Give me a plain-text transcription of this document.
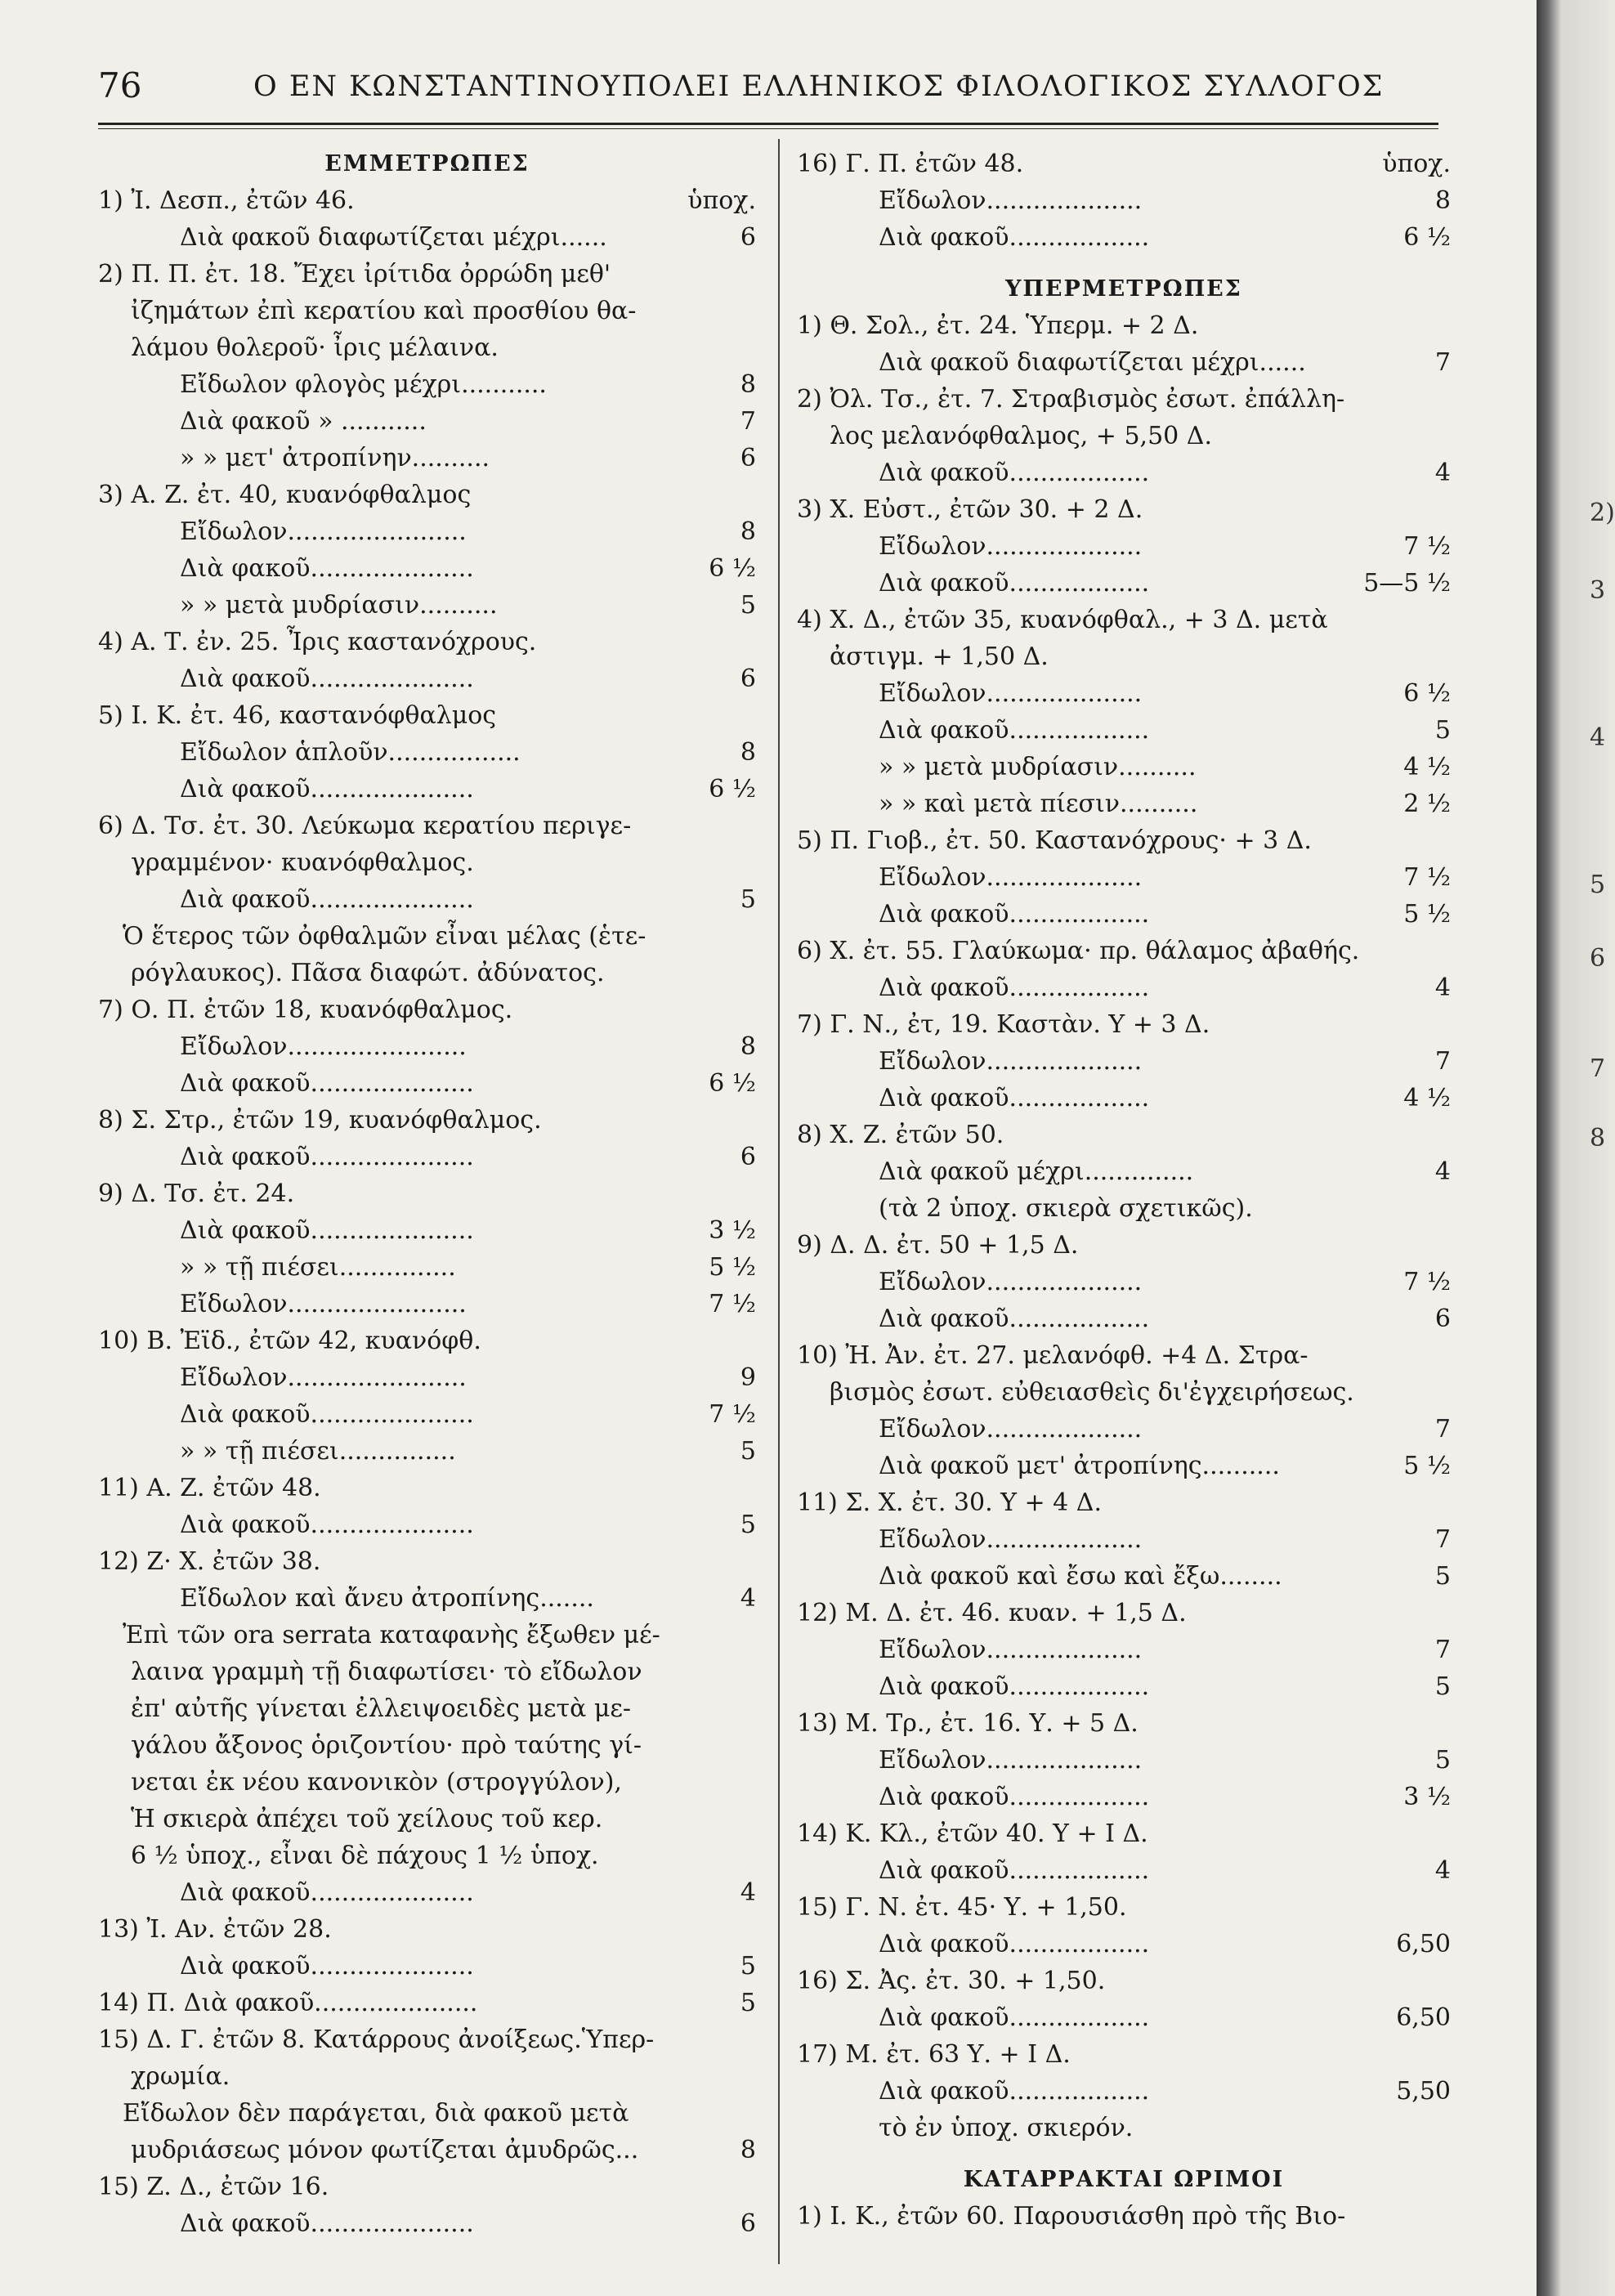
76	Ο ΕΝ ΚΩΝΣΤΑΝΤΙΝΟΥΠΟΛΕΙ ΕΛΛΗΝΙΚΟΣ ΦΙΛΟΛΟΓΙΚΟΣ ΣΥΛΛΟΓΟΣ
ΕΜΜΕΤΡΩΠΕΣ
1) Ἰ. Δεσπ., ἐτῶν 46.	ὑποχ.
Διὰ φακοῦ διαφωτίζεται μέχρι......	6
2) Π. Π. ἐτ. 18. Ἔχει ἰρίτιδα ὀρρώδη μεθ'
ἰζημάτων ἐπὶ κερατίου καὶ προσθίου θα-
λάμου θολεροῦ· ἶρις μέλαινα.
Εἴδωλον φλογὸς μέχρι...........	8
Διὰ φακοῦ » ...........	7
» » μετ' ἀτροπίνην..........	6
3) Α. Ζ. ἐτ. 40, κυανόφθαλμος
Εἴδωλον.......................	8
Διὰ φακοῦ.....................	6 ½
» » μετὰ μυδρίασιν..........	5
4) Α. Τ. ἐν. 25. Ἶρις καστανόχρους.
Διὰ φακοῦ.....................	6
5) Ι. Κ. ἐτ. 46, καστανόφθαλμος
Εἴδωλον ἁπλοῦν.................	8
Διὰ φακοῦ.....................	6 ½
6) Δ. Τσ. ἐτ. 30. Λεύκωμα κερατίου περιγε-
γραμμένον· κυανόφθαλμος.
Διὰ φακοῦ.....................	5
Ὁ ἕτερος τῶν ὀφθαλμῶν εἶναι μέλας (ἑτε-
ρόγλαυκος). Πᾶσα διαφώτ. ἀδύνατος.
7) Ο. Π. ἐτῶν 18, κυανόφθαλμος.
Εἴδωλον.......................	8
Διὰ φακοῦ.....................	6 ½
8) Σ. Στρ., ἐτῶν 19, κυανόφθαλμος.
Διὰ φακοῦ.....................	6
9) Δ. Τσ. ἐτ. 24.
Διὰ φακοῦ.....................	3 ½
» » τῇ πιέσει...............	5 ½
Εἴδωλον.......................	7 ½
10) Β. Ἐϊδ., ἐτῶν 42, κυανόφθ.
Εἴδωλον.......................	9
Διὰ φακοῦ.....................	7 ½
» » τῇ πιέσει...............	5
11) Α. Ζ. ἐτῶν 48.
Διὰ φακοῦ.....................	5
12) Ζ· Χ. ἐτῶν 38.
Εἴδωλον καὶ ἄνευ ἀτροπίνης.......	4
Ἐπὶ τῶν ora serrata καταφανὴς ἔξωθεν μέ-
λαινα γραμμὴ τῇ διαφωτίσει· τὸ εἴδωλον
ἐπ' αὐτῆς γίνεται ἐλλειψοειδὲς μετὰ με-
γάλου ἄξονος ὁριζοντίου· πρὸ ταύτης γί-
νεται ἐκ νέου κανονικὸν (στρογγύλον),
Ἡ σκιερὰ ἀπέχει τοῦ χείλους τοῦ κερ.
6 ½ ὑποχ., εἶναι δὲ πάχους 1 ½ ὑποχ.
Διὰ φακοῦ.....................	4
13) Ἰ. Αν. ἐτῶν 28.
Διὰ φακοῦ.....................	5
14) Π. Διὰ φακοῦ.....................	5
15) Δ. Γ. ἐτῶν 8. Κατάρρους ἀνοίξεως.Ὑπερ-
χρωμία.
Εἴδωλον δὲν παράγεται, διὰ φακοῦ μετὰ
μυδριάσεως μόνον φωτίζεται ἀμυδρῶς...	8
15) Ζ. Δ., ἐτῶν 16.
Διὰ φακοῦ.....................	6
16) Γ. Π. ἐτῶν 48.	ὑποχ.
Εἴδωλον....................	8
Διὰ φακοῦ..................	6 ½
ΥΠΕΡΜΕΤΡΩΠΕΣ
1) Θ. Σολ., ἐτ. 24. Ὑπερμ. + 2 Δ.
Διὰ φακοῦ διαφωτίζεται μέχρι......	7
2) Ὀλ. Τσ., ἐτ. 7. Στραβισμὸς ἐσωτ. ἐπάλλη-
λος μελανόφθαλμος, + 5,50 Δ.
Διὰ φακοῦ..................	4
3) Χ. Εὐστ., ἐτῶν 30. + 2 Δ.
Εἴδωλον....................	7 ½
Διὰ φακοῦ..................	5—5 ½
4) Χ. Δ., ἐτῶν 35, κυανόφθαλ., + 3 Δ. μετὰ
ἀστιγμ. + 1,50 Δ.
Εἴδωλον....................	6 ½
Διὰ φακοῦ..................	5
» » μετὰ μυδρίασιν..........	4 ½
» » καὶ μετὰ πίεσιν..........	2 ½
5) Π. Γιοβ., ἐτ. 50. Καστανόχρους· + 3 Δ.
Εἴδωλον....................	7 ½
Διὰ φακοῦ..................	5 ½
6) Χ. ἐτ. 55. Γλαύκωμα· πρ. θάλαμος ἀβαθής.
Διὰ φακοῦ..................	4
7) Γ. Ν., ἐτ, 19. Καστὰν. Υ + 3 Δ.
Εἴδωλον....................	7
Διὰ φακοῦ..................	4 ½
8) Χ. Ζ. ἐτῶν 50.
Διὰ φακοῦ μέχρι..............	4
(τὰ 2 ὑποχ. σκιερὰ σχετικῶς).
9) Δ. Δ. ἐτ. 50 + 1,5 Δ.
Εἴδωλον....................	7 ½
Διὰ φακοῦ..................	6
10) Ἠ. Ἀν. ἐτ. 27. μελανόφθ. +4 Δ. Στρα-
βισμὸς ἐσωτ. εὐθειασθεὶς δι'ἐγχειρήσεως.
Εἴδωλον....................	7
Διὰ φακοῦ μετ' ἀτροπίνης..........	5 ½
11) Σ. Χ. ἐτ. 30. Υ + 4 Δ.
Εἴδωλον....................	7
Διὰ φακοῦ καὶ ἔσω καὶ ἔξω........	5
12) Μ. Δ. ἐτ. 46. κυαν. + 1,5 Δ.
Εἴδωλον....................	7
Διὰ φακοῦ..................	5
13) Μ. Τρ., ἐτ. 16. Υ. + 5 Δ.
Εἴδωλον....................	5
Διὰ φακοῦ..................	3 ½
14) Κ. Κλ., ἐτῶν 40. Υ + Ι Δ.
Διὰ φακοῦ..................	4
15) Γ. Ν. ἐτ. 45· Υ. + 1,50.
Διὰ φακοῦ..................	6,50
16) Σ. Ἀς. ἐτ. 30. + 1,50.
Διὰ φακοῦ..................	6,50
17) Μ. ἐτ. 63 Υ. + Ι Δ.
Διὰ φακοῦ..................	5,50
τὸ ἐν ὑποχ. σκιερόν.
ΚΑΤΑΡΡΑΚΤΑΙ ΩΡΙΜΟΙ
1) Ι. Κ., ἐτῶν 60. Παρουσιάσθη πρὸ τῆς Βιο-
2)
3
4
5
6
7
8
